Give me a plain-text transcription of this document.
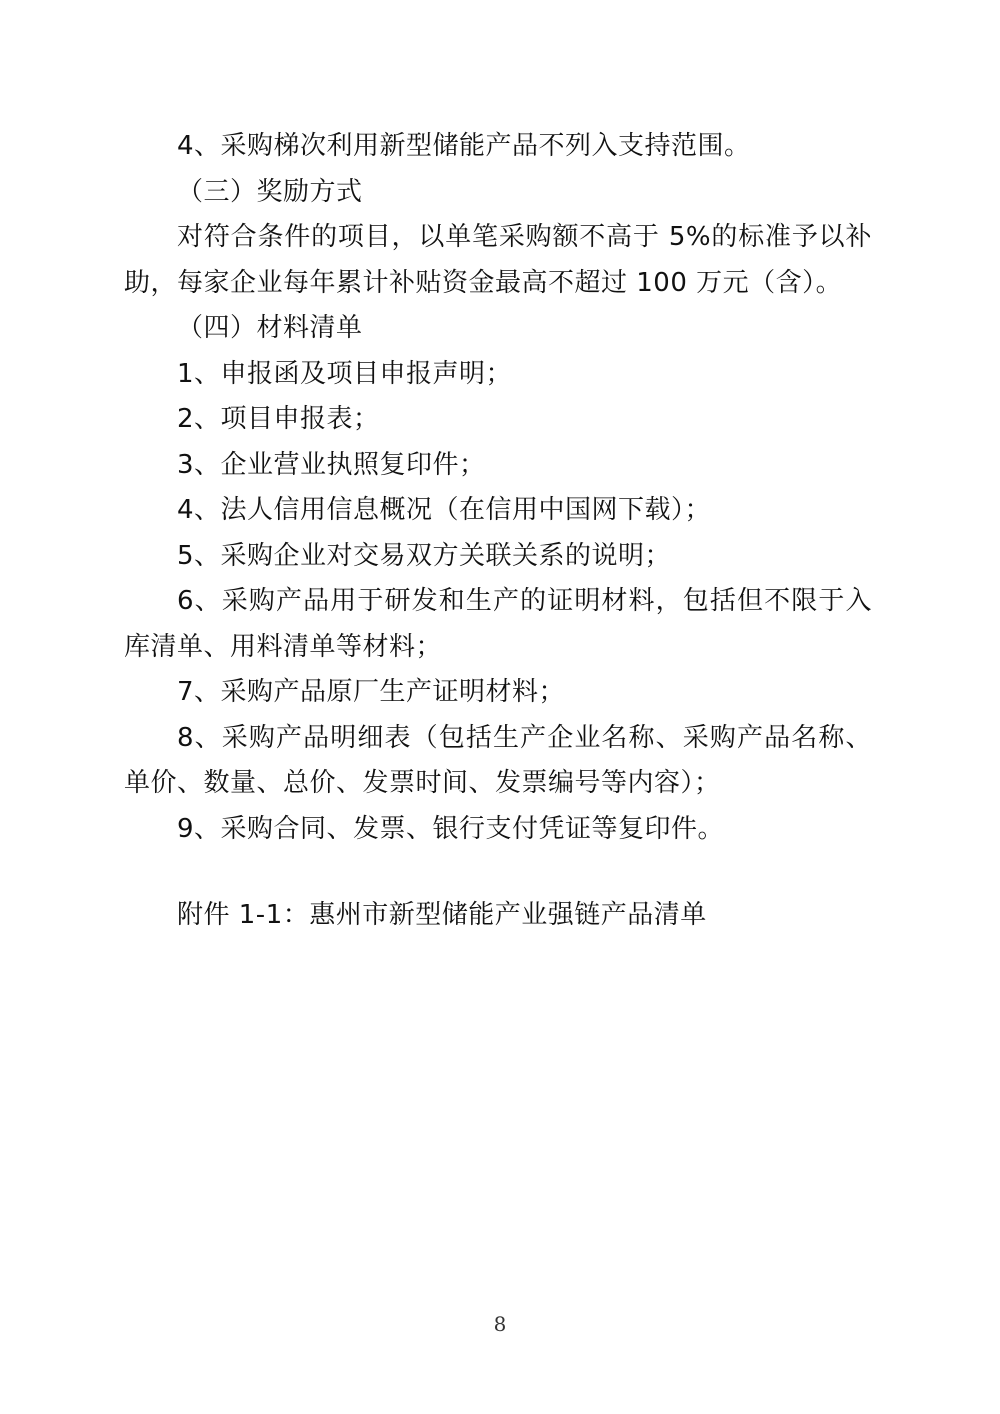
4、采购梯次利用新型储能产品不列入支持范围。

（三）奖励方式

对符合条件的项目，以单笔采购额不高于 5%的标准予以补助，每家企业每年累计补贴资金最高不超过 100 万元（含）。

（四）材料清单

1、申报函及项目申报声明；

2、项目申报表；

3、企业营业执照复印件；

4、法人信用信息概况（在信用中国网下载）；

5、采购企业对交易双方关联关系的说明；

6、采购产品用于研发和生产的证明材料，包括但不限于入库清单、用料清单等材料；

7、采购产品原厂生产证明材料；

8、采购产品明细表（包括生产企业名称、采购产品名称、单价、数量、总价、发票时间、发票编号等内容）；

9、采购合同、发票、银行支付凭证等复印件。

附件 1-1：惠州市新型储能产业强链产品清单

8
